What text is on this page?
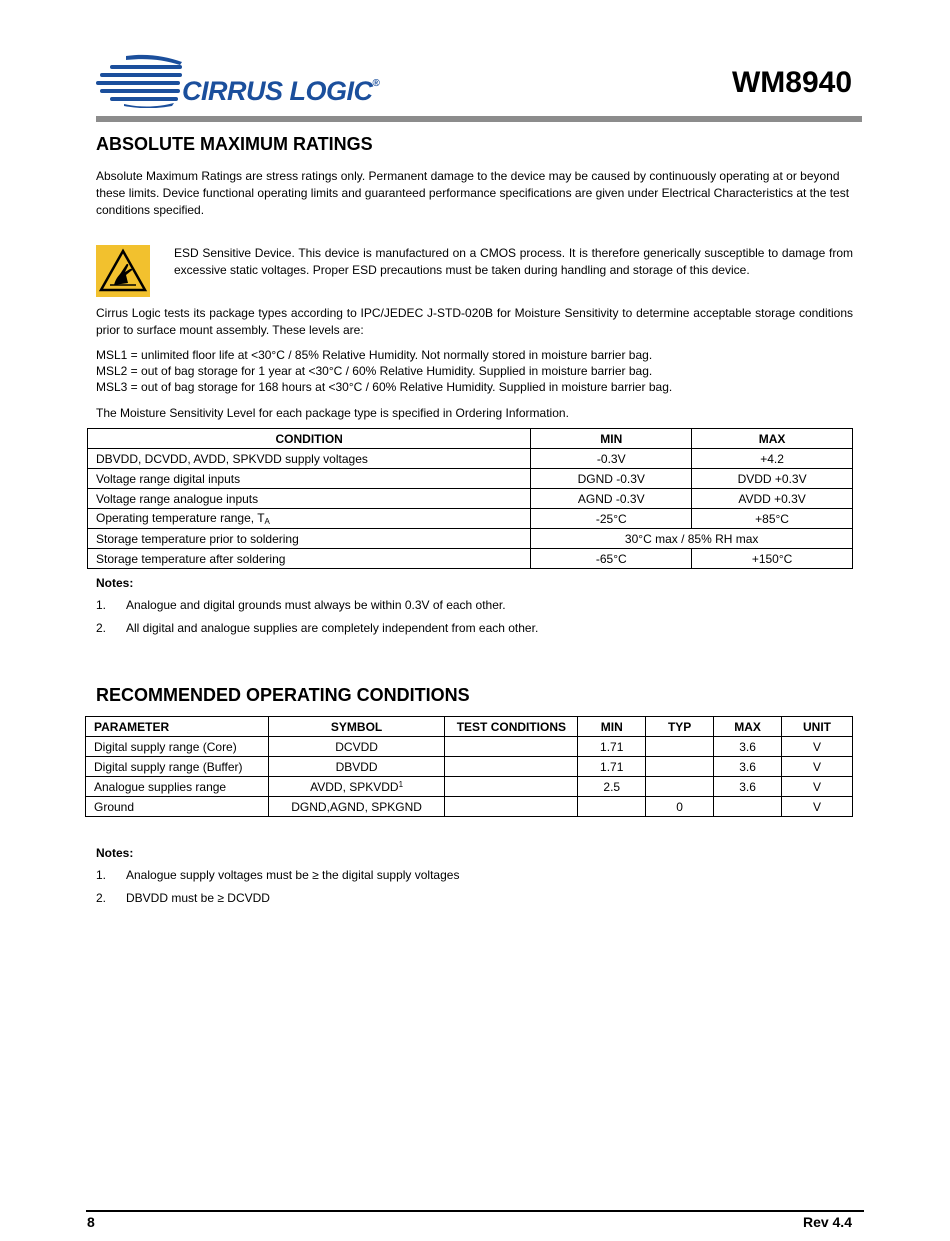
CIRRUS LOGIC®	WM8940
ABSOLUTE MAXIMUM RATINGS
Absolute Maximum Ratings are stress ratings only. Permanent damage to the device may be caused by continuously operating at or beyond these limits. Device functional operating limits and guaranteed performance specifications are given under Electrical Characteristics at the test conditions specified.
ESD Sensitive Device. This device is manufactured on a CMOS process. It is therefore generically susceptible to damage from excessive static voltages. Proper ESD precautions must be taken during handling and storage of this device.
Cirrus Logic tests its package types according to IPC/JEDEC J-STD-020B for Moisture Sensitivity to determine acceptable storage conditions prior to surface mount assembly. These levels are:
MSL1 = unlimited floor life at <30°C / 85% Relative Humidity. Not normally stored in moisture barrier bag.
MSL2 = out of bag storage for 1 year at <30°C / 60% Relative Humidity. Supplied in moisture barrier bag.
MSL3 = out of bag storage for 168 hours at <30°C / 60% Relative Humidity. Supplied in moisture barrier bag.
The Moisture Sensitivity Level for each package type is specified in Ordering Information.
CONDITION	MIN	MAX
DBVDD, DCVDD, AVDD, SPKVDD supply voltages	-0.3V	+4.2
Voltage range digital inputs	DGND -0.3V	DVDD +0.3V
Voltage range analogue inputs	AGND -0.3V	AVDD +0.3V
Operating temperature range, $T_A$	-25°C	+85°C
Storage temperature prior to soldering	30°C max / 85% RH max	
Storage temperature after soldering	-65°C	+150°C
Notes:
1. Analogue and digital grounds must always be within 0.3V of each other.
2. All digital and analogue supplies are completely independent from each other.
RECOMMENDED OPERATING CONDITIONS
PARAMETER	SYMBOL	TEST CONDITIONS	MIN	TYP	MAX	UNIT
Digital supply range (Core)	DCVDD		1.71		3.6	V
Digital supply range (Buffer)	DBVDD		1.71		3.6	V
Analogue supplies range	AVDD, SPKVDD$^1$		2.5		3.6	V
Ground	DGND,AGND, SPKGND			0		V
Notes:
1. Analogue supply voltages must be ≥ the digital supply voltages
2. DBVDD must be ≥ DCVDD
8	Rev 4.4
